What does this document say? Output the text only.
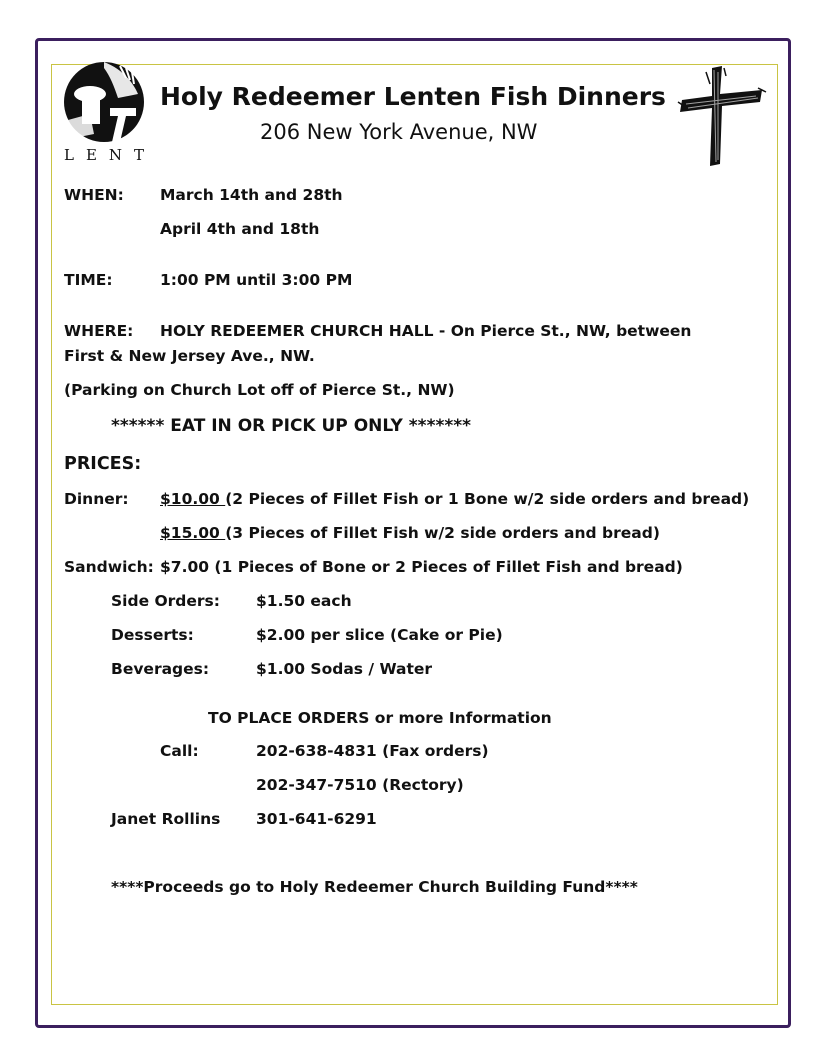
LENT
Holy Redeemer Lenten Fish Dinners
206 New York Avenue, NW
WHEN: March 14th and 28th
April 4th and 18th
TIME:	1:00 PM until 3:00 PM
WHERE: HOLY REDEEMER CHURCH HALL - On Pierce St., NW, between
First & New Jersey Ave., NW.
(Parking on Church Lot off of Pierce St., NW)
****** EAT IN OR PICK UP ONLY *******
PRICES:
Dinner: $10.00 (2 Pieces of Fillet Fish or 1 Bone w/2 side orders and bread)
$15.00 (3 Pieces of Fillet Fish w/2 side orders and bread)
Sandwich: $7.00 (1 Pieces of Bone or 2 Pieces of Fillet Fish and bread)
Side Orders: $1.50 each
Desserts:	$2.00 per slice (Cake or Pie)
Beverages:	$1.00 Sodas / Water
TO PLACE ORDERS or more Information
Call:	202-638-4831 (Fax orders)
202-347-7510 (Rectory)
Janet Rollins 301-641-6291
****Proceeds go to Holy Redeemer Church Building Fund****
